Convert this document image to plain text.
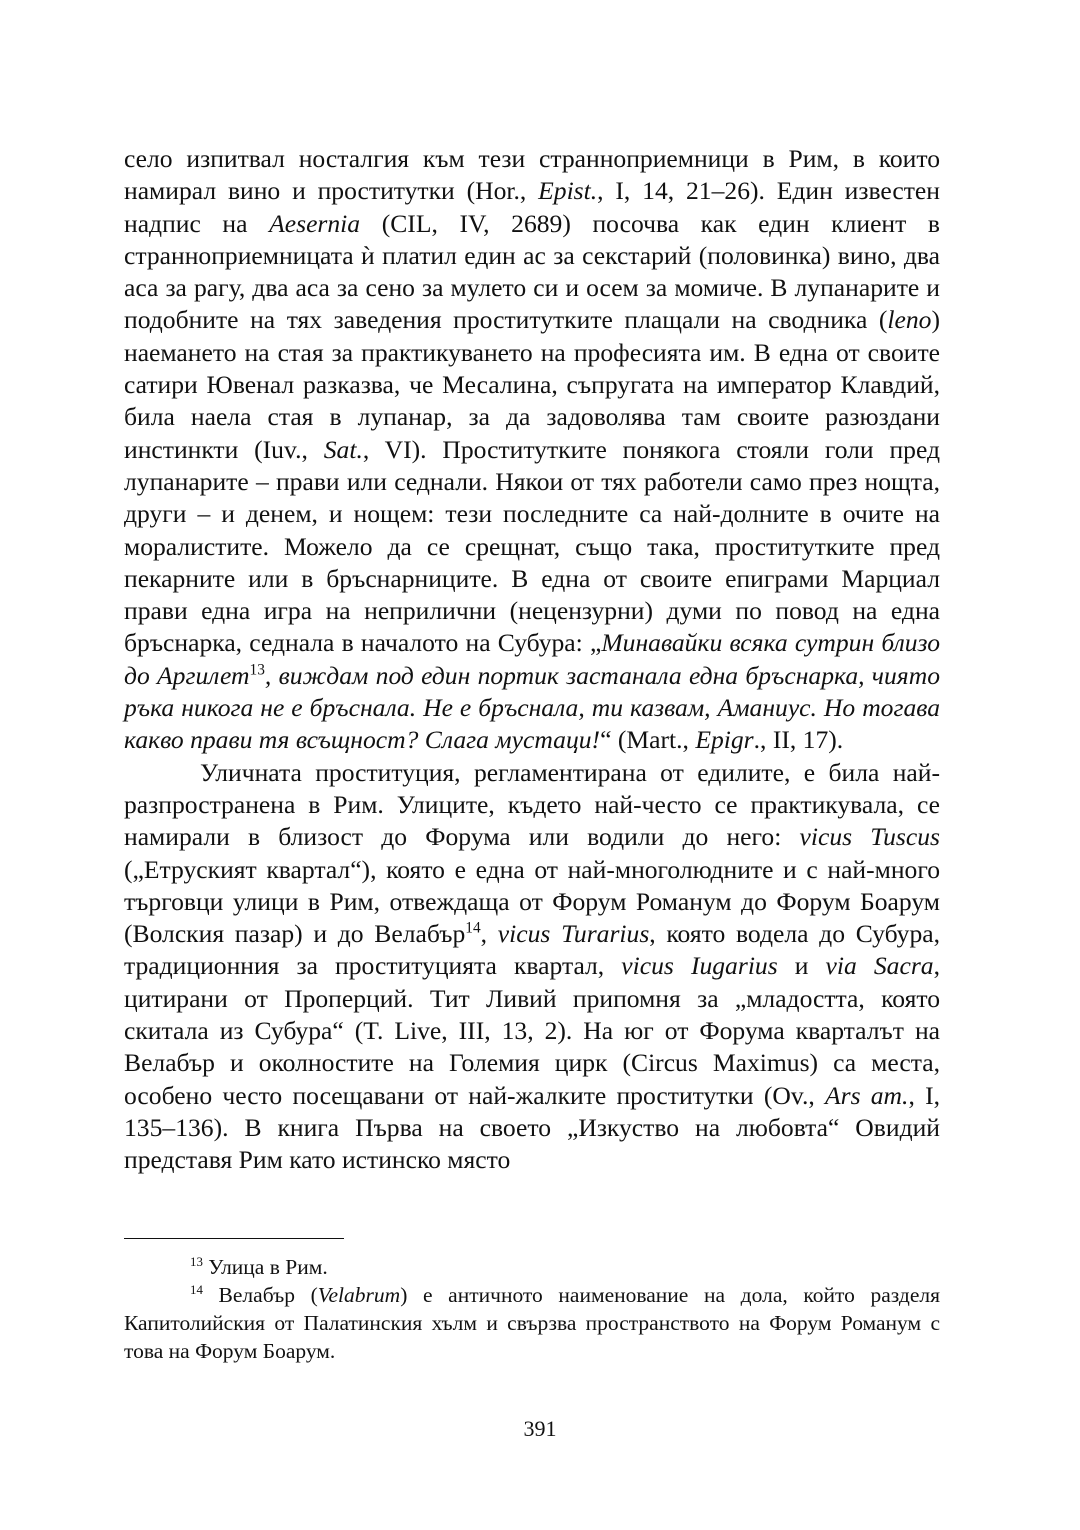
село изпитвал носталгия към тези странноприемници в Рим, в които намирал вино и проститутки (Hor., Epist., I, 14, 21–26). Един известен надпис на Aesernia (CIL, IV, 2689) посочва как един клиент в странноприемницата ѝ платил един ас за секстарий (половинка) вино, два аса за рагу, два аса за сено за мулето си и осем за момиче. В лупанарите и подобните на тях заведения проститутките плащали на сводника (leno) наемането на стая за практикуването на професията им. В една от своите сатири Ювенал разказва, че Месалина, съпругата на император Клавдий, била наела стая в лупанар, за да задоволява там своите разюздани инстинкти (Iuv., Sat., VI). Проститутките понякога стояли голи пред лупанарите – прави или седнали. Някои от тях работели само през нощта, други – и денем, и нощем: тези последните са най-долните в очите на моралистите. Можело да се срещнат, също така, проститутките пред пекарните или в бръснарниците. В една от своите епиграми Марциал прави една игра на неприлични (нецензурни) думи по повод на една бръснарка, седнала в началото на Субура: „Минавайки всяка сутрин близо до Аргилет$^{13}$, виждам под един портик застанала една бръснарка, чиято ръка никога не е бръснала. Не е бръснала, ти казвам, Аманиус. Но тогава какво прави тя всъщност? Слага мустаци!“ (Mart., Epigr., II, 17).

Уличната проституция, регламентирана от едилите, е била най-разпространена в Рим. Улиците, където най-често се практикувала, се намирали в близост до Форума или водили до него: vicus Tuscus („Етруският квартал“), която е една от най-многолюдните и с най-много търговци улици в Рим, отвеждаща от Форум Романум до Форум Боарум (Волския пазар) и до Велабър$^{14}$, vicus Turarius, която водела до Субура, традиционния за проституцията квартал, vicus Iugarius и via Sacra, цитирани от Проперций. Тит Ливий припомня за „младостта, която скитала из Субура“ (T. Live, III, 13, 2). На юг от Форума кварталът на Велабър и околностите на Големия цирк (Circus Maximus) са места, особено често посещавани от най-жалките проститутки (Ov., Ars am., I, 135–136). В книга Първа на своето „Изкуство на любовта“ Овидий представя Рим като истинско място

$^{13}$ Улица в Рим.

$^{14}$ Велабър (Velabrum) е античното наименование на дола, който разделя Капитолийския от Палатинския хълм и свързва пространството на Форум Романум с това на Форум Боарум.

391
